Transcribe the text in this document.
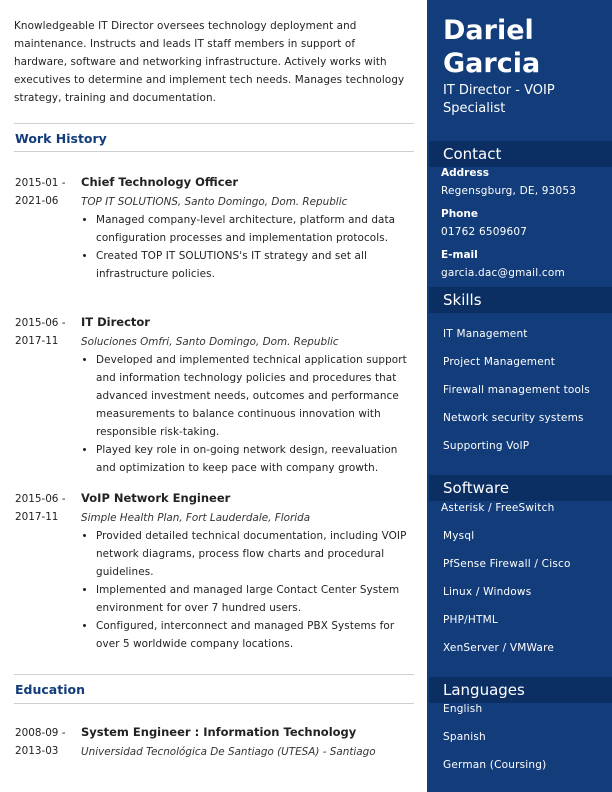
Knowledgeable IT Director oversees technology deployment and maintenance. Instructs and leads IT staff members in support of hardware, software and networking infrastructure. Actively works with executives to determine and implement tech needs. Manages technology strategy, training and documentation.
Work History
2015-01 -
2021-06
Chief Technology Officer
TOP IT SOLUTIONS, Santo Domingo, Dom. Republic
• Managed company-level architecture, platform and data configuration processes and implementation protocols.
• Created TOP IT SOLUTIONS's IT strategy and set all infrastructure policies.
2015-06 -
2017-11
IT Director
Soluciones Omfri, Santo Domingo, Dom. Republic
• Developed and implemented technical application support and information technology policies and procedures that advanced investment needs, outcomes and performance measurements to balance continuous innovation with responsible risk-taking.
• Played key role in on-going network design, reevaluation and optimization to keep pace with company growth.
2015-06 -
2017-11
VoIP Network Engineer
Simple Health Plan, Fort Lauderdale, Florida
• Provided detailed technical documentation, including VOIP network diagrams, process flow charts and procedural guidelines.
• Implemented and managed large Contact Center System environment for over 7 hundred users.
• Configured, interconnect and managed PBX Systems for over 5 worldwide company locations.
Education
2008-09 -
2013-03
System Engineer : Information Technology
Universidad Tecnológica De Santiago (UTESA) - Santiago
Dariel
Garcia
IT Director - VOIP
Specialist
Contact
Address
Regensgburg, DE, 93053
Phone
01762 6509607
E-mail
garcia.dac@gmail.com
Skills
IT Management
Project Management
Firewall management tools
Network security systems
Supporting VoIP
Software
Asterisk / FreeSwitch
Mysql
PfSense Firewall / Cisco
Linux / Windows
PHP/HTML
XenServer / VMWare
Languages
English
Spanish
German (Coursing)
